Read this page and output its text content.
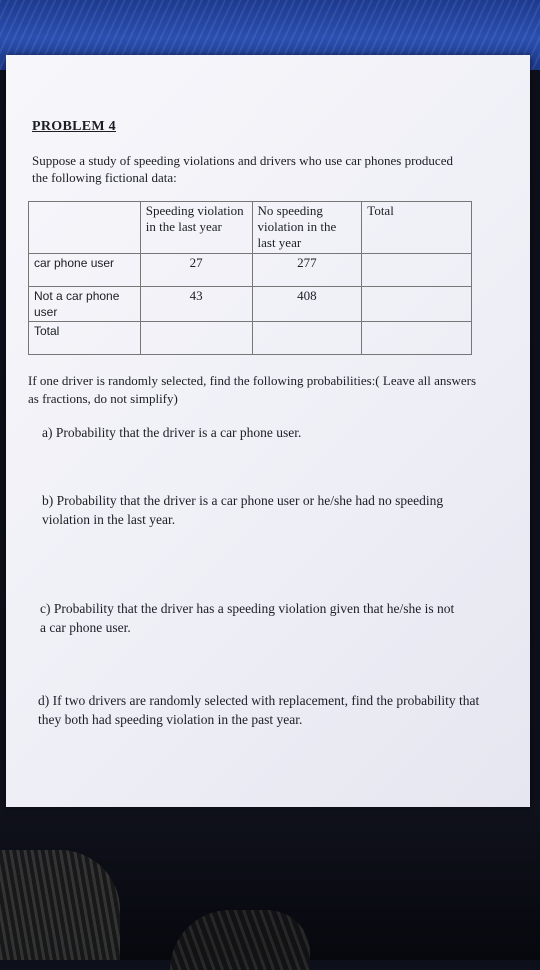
PROBLEM 4
Suppose a study of speeding violations and drivers who use car phones produced the following fictional data:
	Speeding violation in the last year	No speeding violation in the last year	Total
car phone user	27	277	
Not a car phone user	43	408	
Total			
If one driver is randomly selected, find the following probabilities:( Leave all answers as fractions, do not simplify)
a) Probability that the driver is a car phone user.
b) Probability that the driver is a car phone user or he/she had no speeding violation in the last year.
c) Probability that the driver has a speeding violation given that he/she is not a car phone user.
d) If two drivers are randomly selected with replacement, find the probability that they both had speeding violation in the past year.
